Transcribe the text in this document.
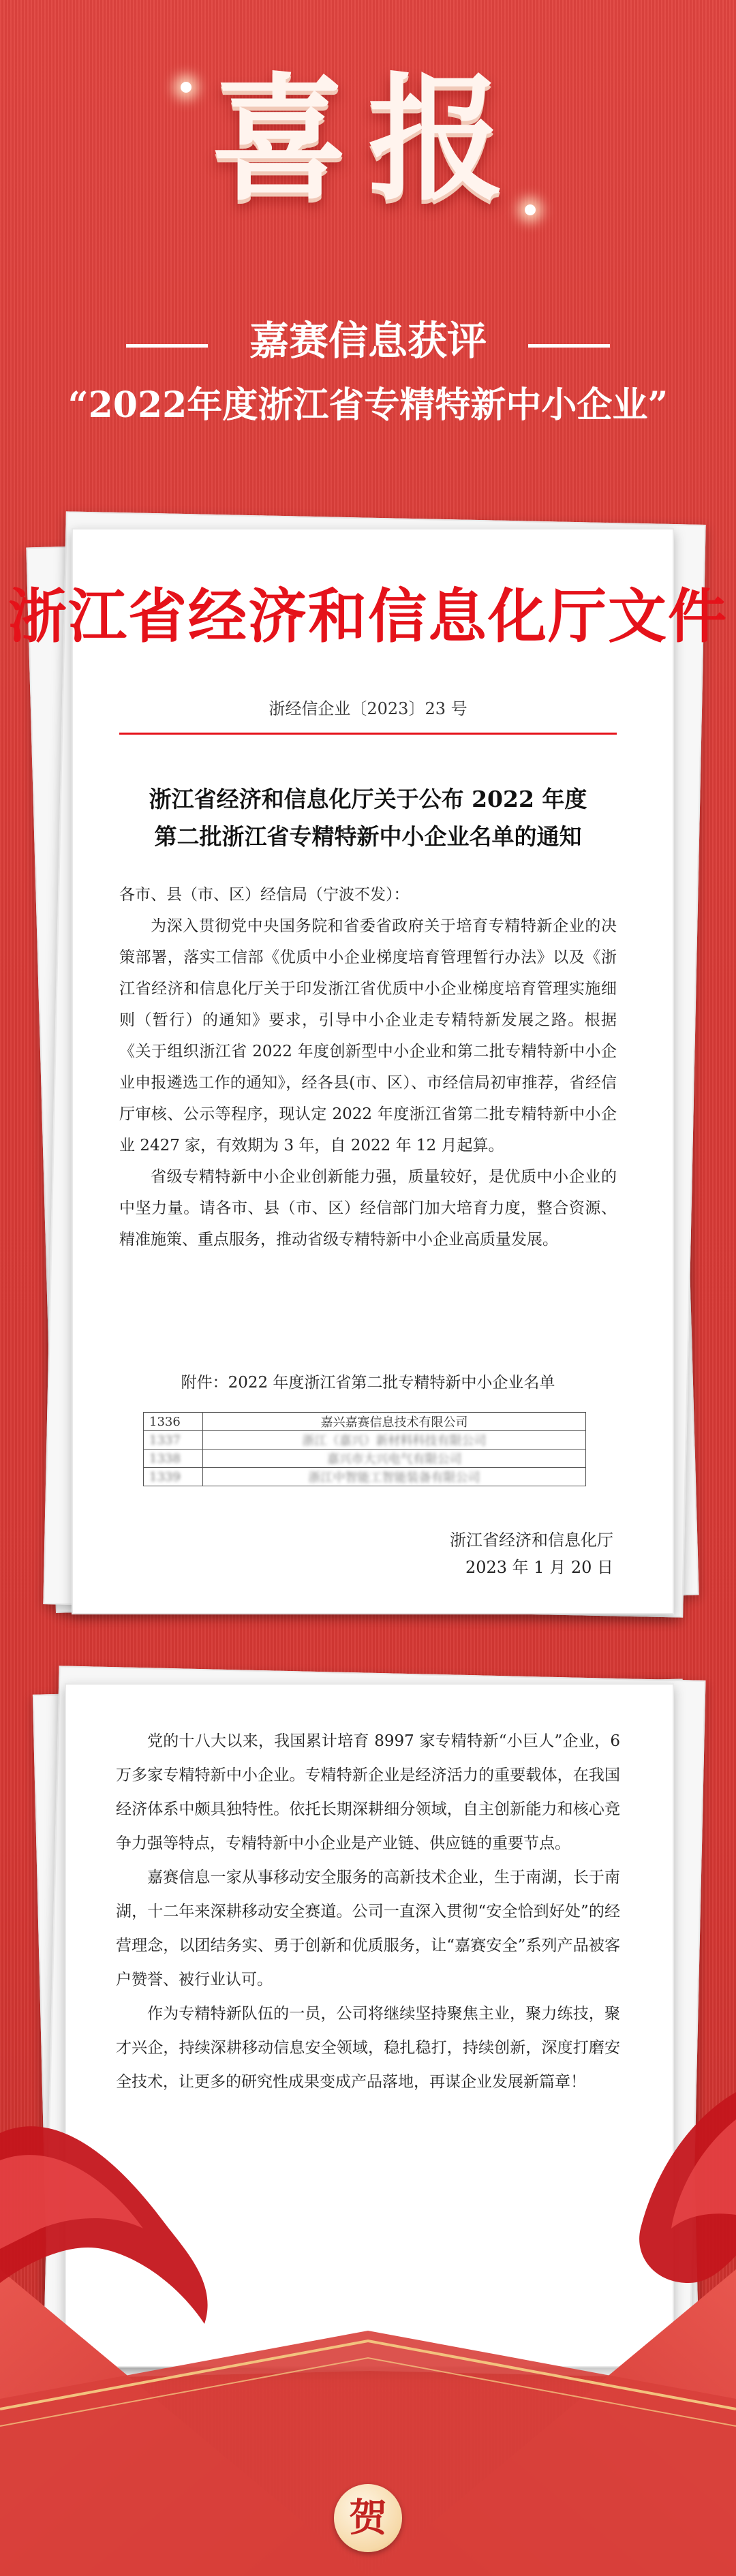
喜报
嘉赛信息获评
“2022年度浙江省专精特新中小企业”
浙江省经济和信息化厅文件
浙经信企业〔2023〕23 号
浙江省经济和信息化厅关于公布 2022 年度
第二批浙江省专精特新中小企业名单的通知

各市、县（市、区）经信局（宁波不发）：

为深入贯彻党中央国务院和省委省政府关于培育专精特新企业的决策部署，落实工信部《优质中小企业梯度培育管理暂行办法》以及《浙江省经济和信息化厅关于印发浙江省优质中小企业梯度培育管理实施细则（暂行）的通知》要求，引导中小企业走专精特新发展之路。根据《关于组织浙江省 2022 年度创新型中小企业和第二批专精特新中小企业申报遴选工作的通知》，经各县(市、区）、市经信局初审推荐，省经信厅审核、公示等程序，现认定 2022 年度浙江省第二批专精特新中小企业 2427 家，有效期为 3 年，自 2022 年 12 月起算。

省级专精特新中小企业创新能力强，质量较好，是优质中小企业的中坚力量。请各市、县（市、区）经信部门加大培育力度，整合资源、精准施策、重点服务，推动省级专精特新中小企业高质量发展。

附件：2022 年度浙江省第二批专精特新中小企业名单
1336	嘉兴嘉赛信息技术有限公司
1337	浙江（嘉兴）新材料科技有限公司
1338	嘉兴市大兴电气有限公司
1339	浙江中智能工智能装备有限公司
浙江省经济和信息化厅
2023 年 1 月 20 日

党的十八大以来，我国累计培育 8997 家专精特新“小巨人”企业，6 万多家专精特新中小企业。专精特新企业是经济活力的重要载体，在我国经济体系中颇具独特性。依托长期深耕细分领域，自主创新能力和核心竞争力强等特点，专精特新中小企业是产业链、供应链的重要节点。

嘉赛信息一家从事移动安全服务的高新技术企业，生于南湖，长于南湖，十二年来深耕移动安全赛道。公司一直深入贯彻“安全恰到好处”的经营理念，以团结务实、勇于创新和优质服务，让“嘉赛安全”系列产品被客户赞誉、被行业认可。

作为专精特新队伍的一员，公司将继续坚持聚焦主业，聚力练技，聚才兴企，持续深耕移动信息安全领域，稳扎稳打，持续创新，深度打磨安全技术，让更多的研究性成果变成产品落地，再谋企业发展新篇章！

贺
